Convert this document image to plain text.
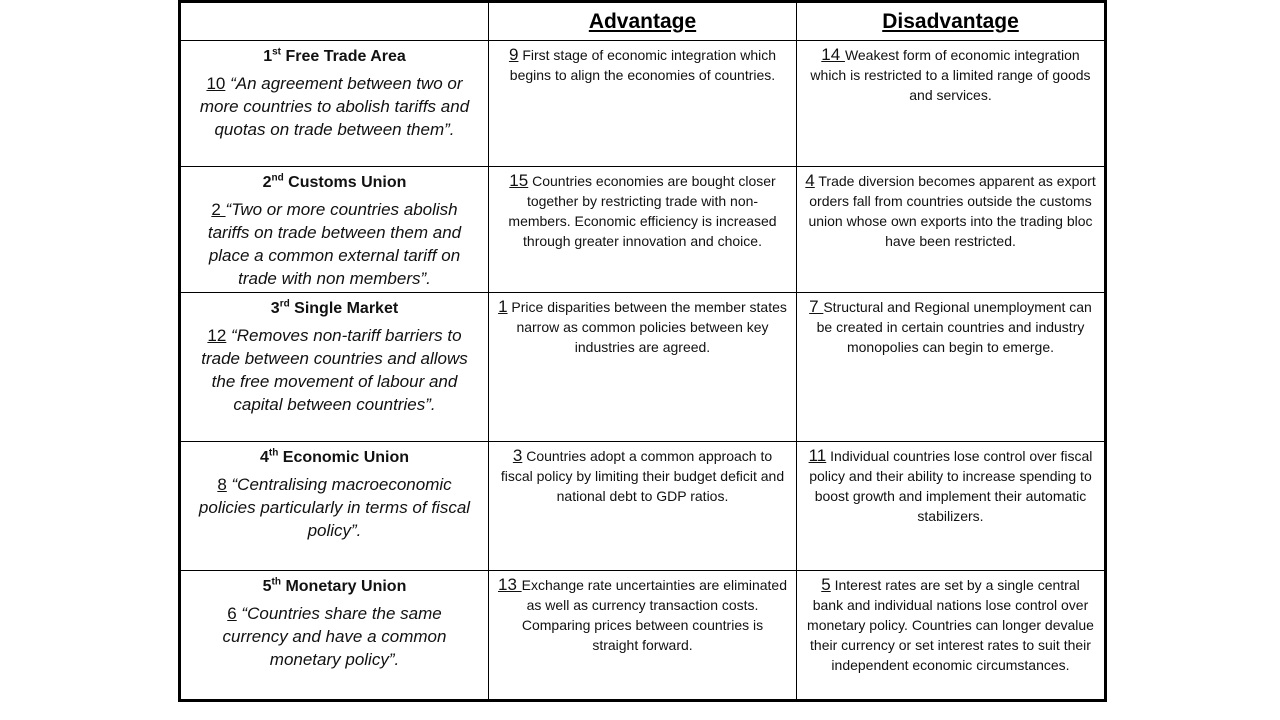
	Advantage	Disadvantage

1st Free Trade Area
10 “An agreement between two or more countries to abolish tariffs and quotas on trade between them”.	9 First stage of economic integration which begins to align the economies of countries.	14 Weakest form of economic integration which is restricted to a limited range of goods and services.

2nd Customs Union
2 “Two or more countries abolish tariffs on trade between them and place a common external tariff on trade with non members”.	15 Countries economies are bought closer together by restricting trade with non-members. Economic efficiency is increased through greater innovation and choice.	4 Trade diversion becomes apparent as export orders fall from countries outside the customs union whose own exports into the trading bloc have been restricted.

3rd Single Market
12 “Removes non-tariff barriers to trade between countries and allows the free movement of labour and capital between countries”.	1 Price disparities between the member states narrow as common policies between key industries are agreed.	7 Structural and Regional unemployment can be created in certain countries and industry monopolies can begin to emerge.

4th Economic Union
8 “Centralising macroeconomic policies particularly in terms of fiscal policy”.	3 Countries adopt a common approach to fiscal policy by limiting their budget deficit and national debt to GDP ratios.	11 Individual countries lose control over fiscal policy and their ability to increase spending to boost growth and implement their automatic stabilizers.

5th Monetary Union
6 “Countries share the same currency and have a common monetary policy”.	13 Exchange rate uncertainties are eliminated as well as currency transaction costs. Comparing prices between countries is straight forward.	5 Interest rates are set by a single central bank and individual nations lose control over monetary policy. Countries can longer devalue their currency or set interest rates to suit their independent economic circumstances.
